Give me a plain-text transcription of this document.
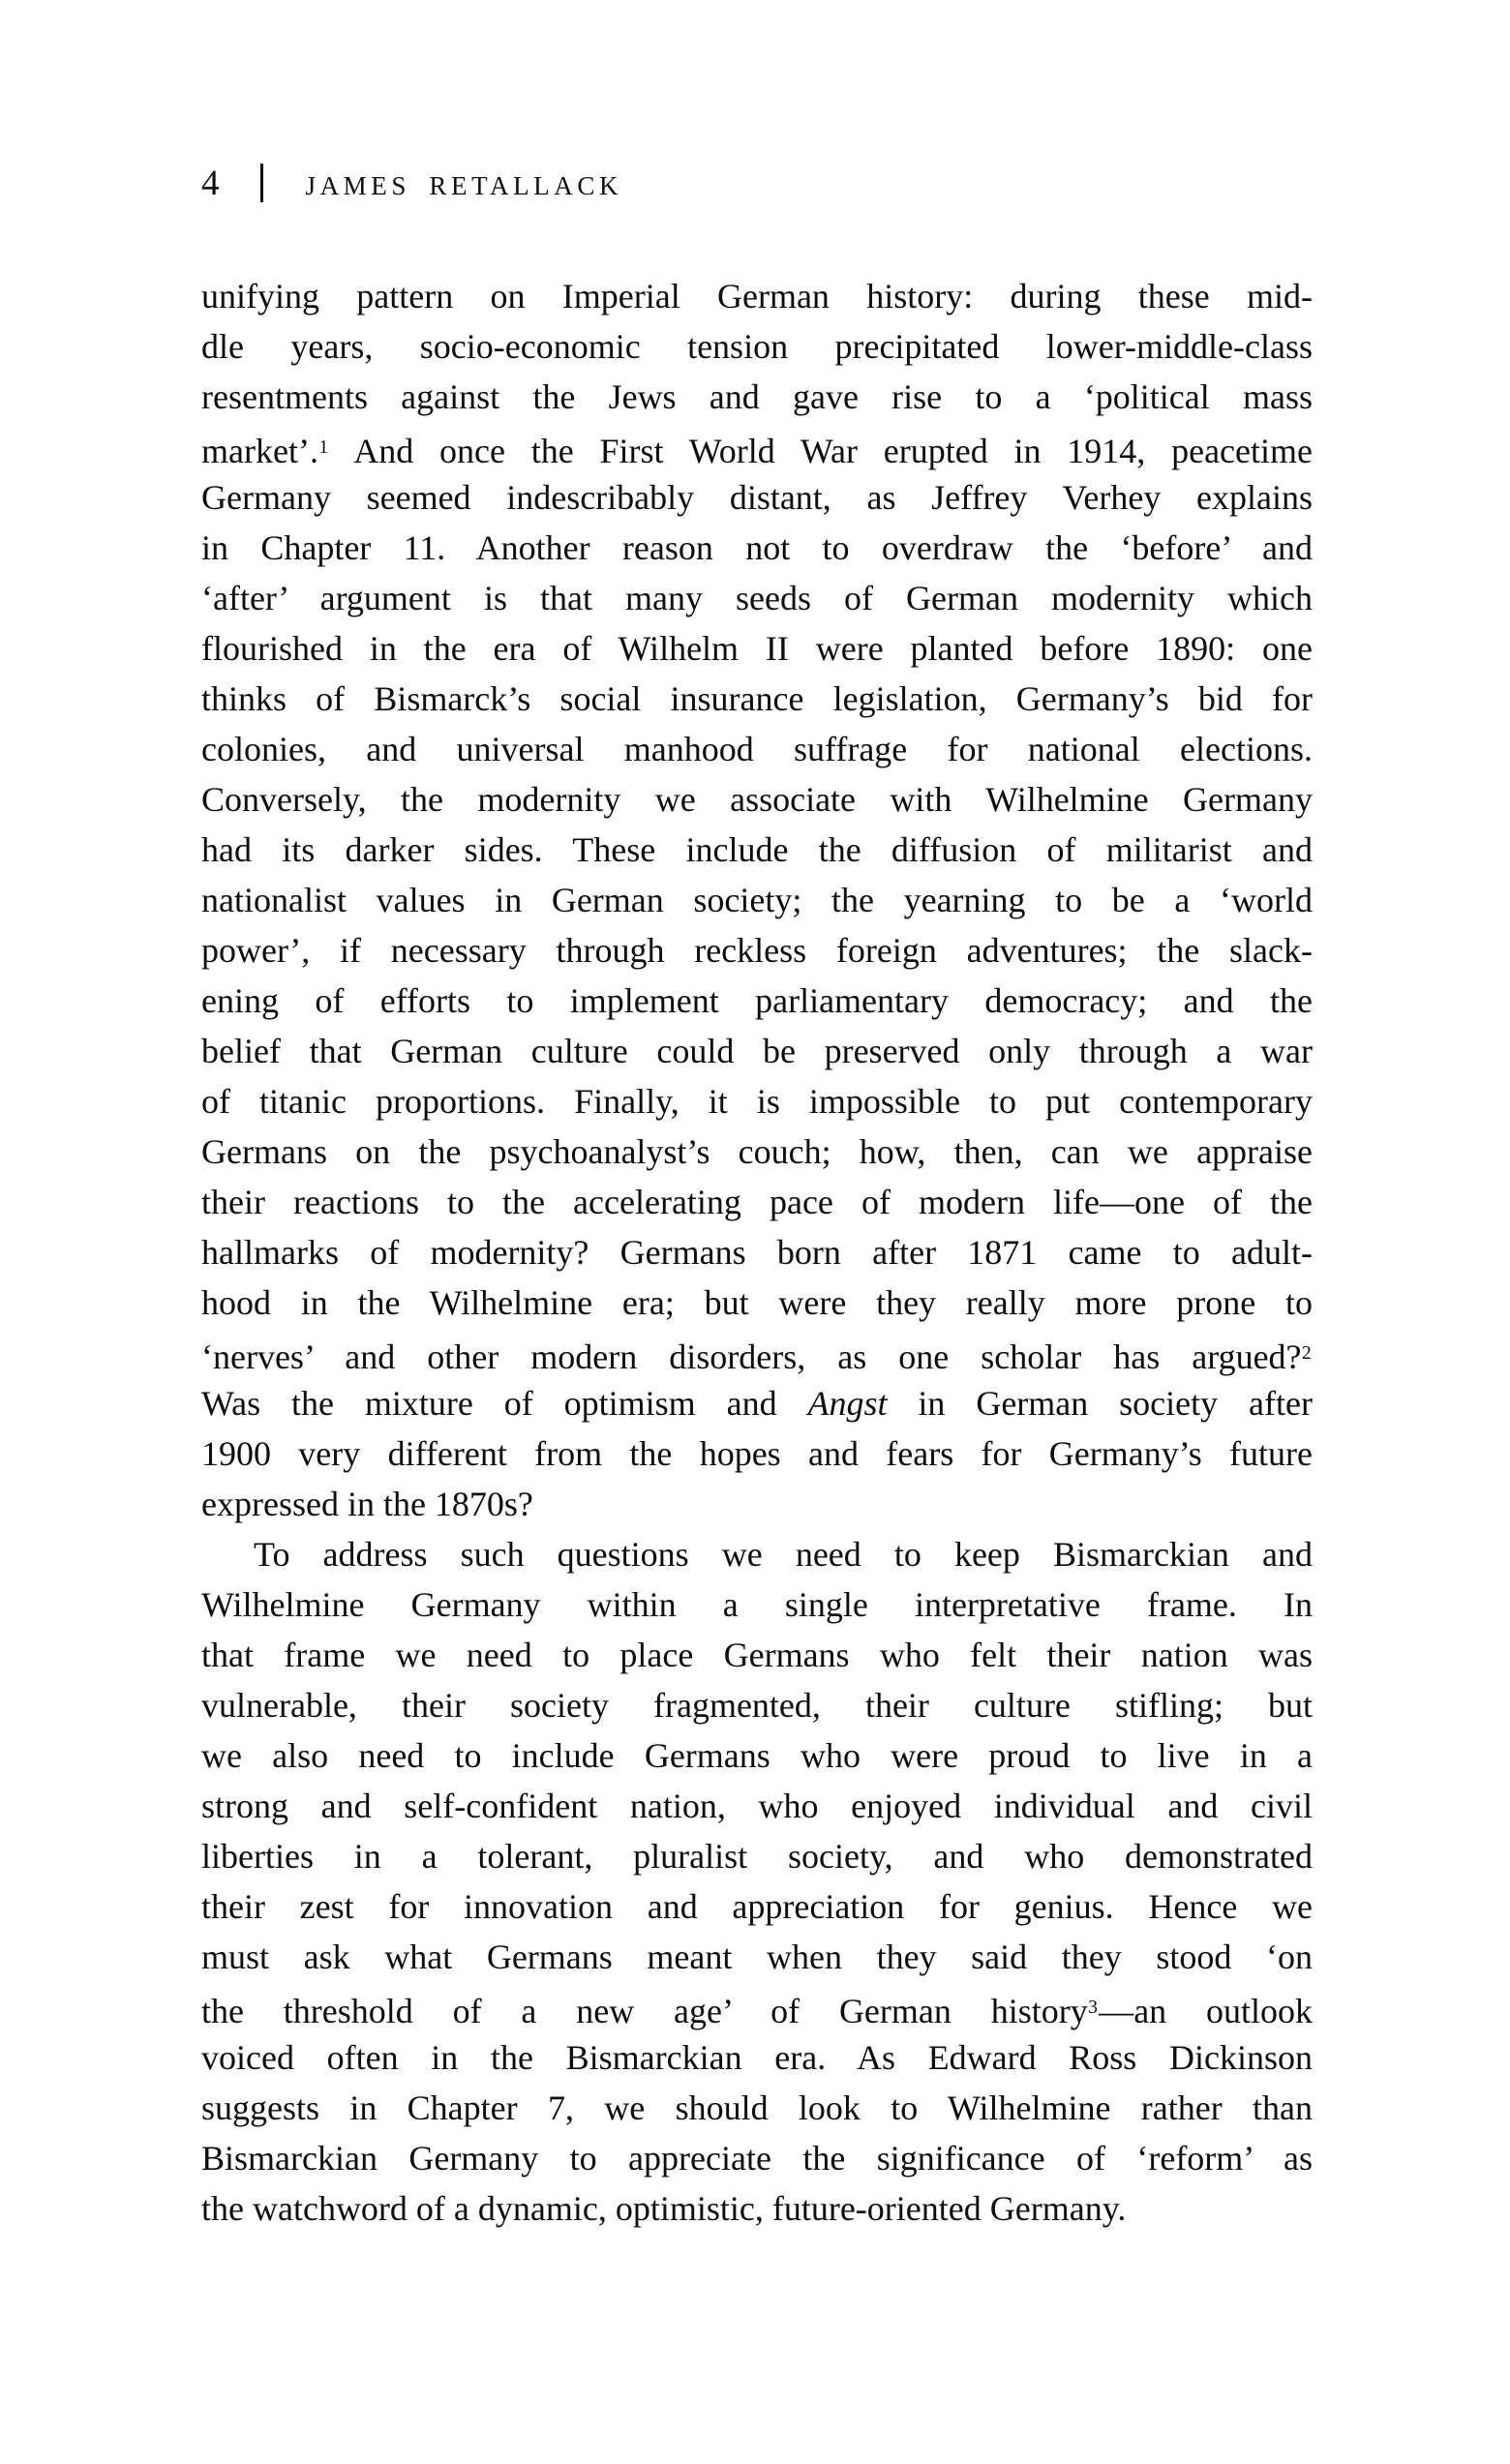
4	JAMES RETALLACK
unifying pattern on Imperial German history: during these mid-
dle years, socio-economic tension precipitated lower-middle-class
resentments against the Jews and gave rise to a ‘political mass
market’.$^1$ And once the First World War erupted in 1914, peacetime
Germany seemed indescribably distant, as Jeffrey Verhey explains
in Chapter 11. Another reason not to overdraw the ‘before’ and
‘after’ argument is that many seeds of German modernity which
flourished in the era of Wilhelm II were planted before 1890: one
thinks of Bismarck’s social insurance legislation, Germany’s bid for
colonies, and universal manhood suffrage for national elections.
Conversely, the modernity we associate with Wilhelmine Germany
had its darker sides. These include the diffusion of militarist and
nationalist values in German society; the yearning to be a ‘world
power’, if necessary through reckless foreign adventures; the slack-
ening of efforts to implement parliamentary democracy; and the
belief that German culture could be preserved only through a war
of titanic proportions. Finally, it is impossible to put contemporary
Germans on the psychoanalyst’s couch; how, then, can we appraise
their reactions to the accelerating pace of modern life—one of the
hallmarks of modernity? Germans born after 1871 came to adult-
hood in the Wilhelmine era; but were they really more prone to
‘nerves’ and other modern disorders, as one scholar has argued?$^2$
Was the mixture of optimism and Angst in German society after
1900 very different from the hopes and fears for Germany’s future
expressed in the 1870s?
To address such questions we need to keep Bismarckian and
Wilhelmine Germany within a single interpretative frame. In
that frame we need to place Germans who felt their nation was
vulnerable, their society fragmented, their culture stifling; but
we also need to include Germans who were proud to live in a
strong and self-confident nation, who enjoyed individual and civil
liberties in a tolerant, pluralist society, and who demonstrated
their zest for innovation and appreciation for genius. Hence we
must ask what Germans meant when they said they stood ‘on
the threshold of a new age’ of German history$^3$—an outlook
voiced often in the Bismarckian era. As Edward Ross Dickinson
suggests in Chapter 7, we should look to Wilhelmine rather than
Bismarckian Germany to appreciate the significance of ‘reform’ as
the watchword of a dynamic, optimistic, future-oriented Germany.
